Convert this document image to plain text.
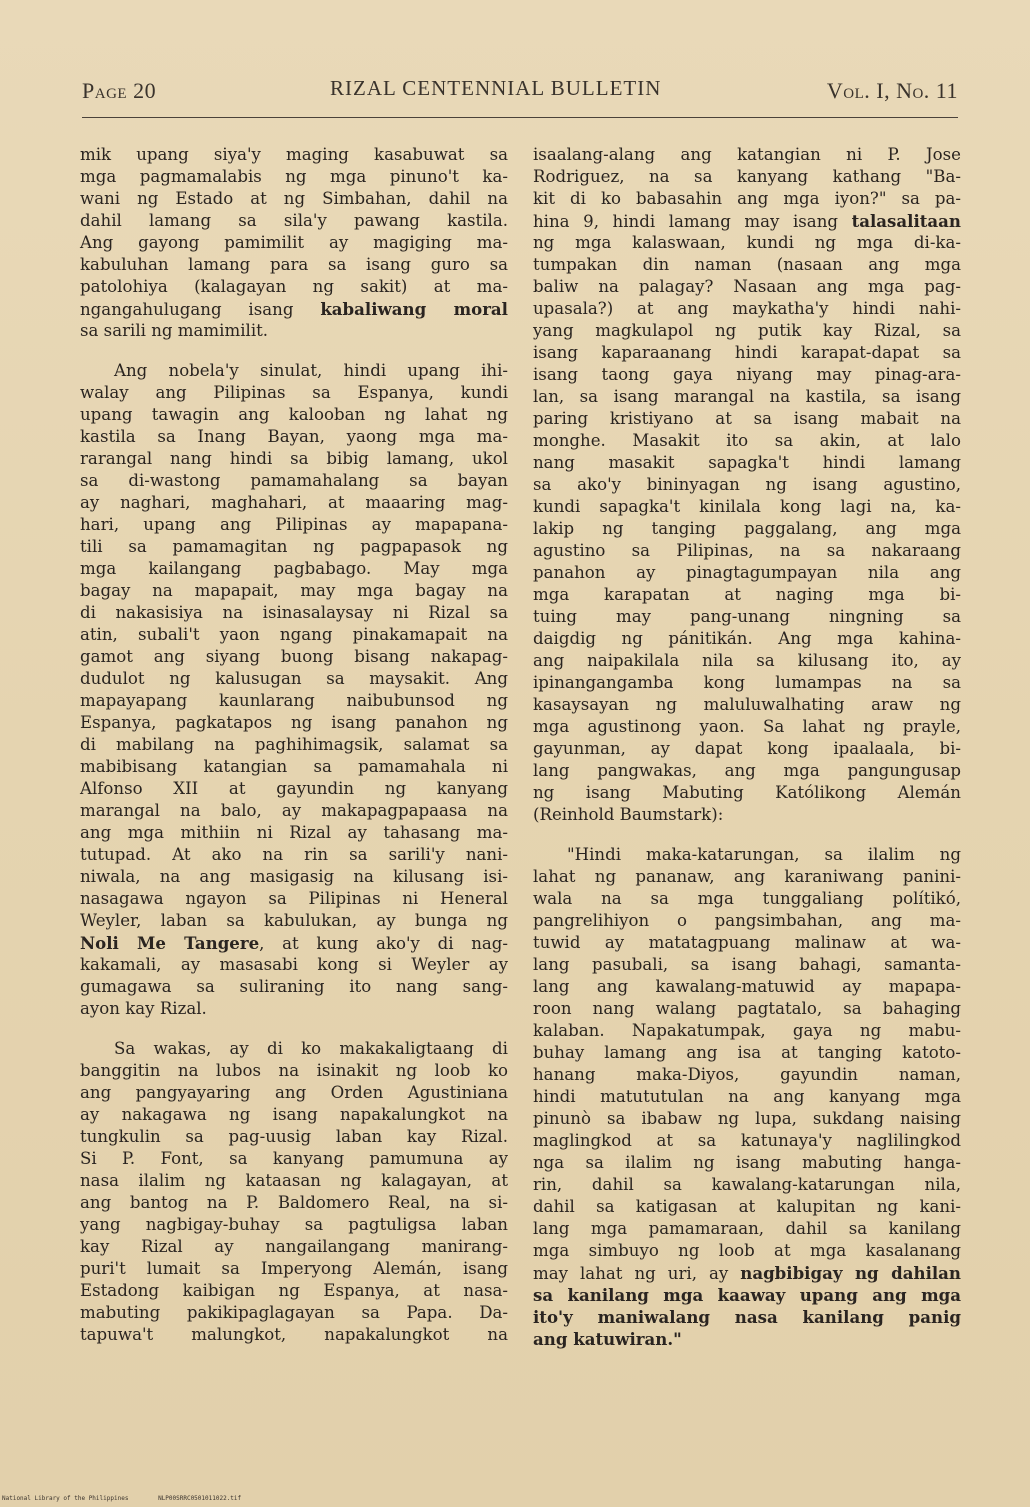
Page 20	RIZAL CENTENNIAL BULLETIN	Vol. I, No. 11
mik upang siya'y maging kasabuwat sa
mga pagmamalabis ng mga pinuno't ka-
wani ng Estado at ng Simbahan, dahil na
dahil lamang sa sila'y pawang kastila.
Ang gayong pamimilit ay magiging ma-
kabuluhan lamang para sa isang guro sa
patolohiya (kalagayan ng sakit) at ma-
ngangahulugang isang kabaliwang moral
sa sarili ng mamimilit.
Ang nobela'y sinulat, hindi upang ihi-
walay ang Pilipinas sa Espanya, kundi
upang tawagin ang kalooban ng lahat ng
kastila sa Inang Bayan, yaong mga ma-
rarangal nang hindi sa bibig lamang, ukol
sa di-wastong pamamahalang sa bayan
ay naghari, maghahari, at maaaring mag-
hari, upang ang Pilipinas ay mapapana-
tili sa pamamagitan ng pagpapasok ng
mga kailangang pagbabago. May mga
bagay na mapapait, may mga bagay na
di nakasisiya na isinasalaysay ni Rizal sa
atin, subali't yaon ngang pinakamapait na
gamot ang siyang buong bisang nakapag-
dudulot ng kalusugan sa maysakit. Ang
mapayapang kaunlarang naibubunsod ng
Espanya, pagkatapos ng isang panahon ng
di mabilang na paghihimagsik, salamat sa
mabibisang katangian sa pamamahala ni
Alfonso XII at gayundin ng kanyang
marangal na balo, ay makapagpapaasa na
ang mga mithiin ni Rizal ay tahasang ma-
tutupad. At ako na rin sa sarili'y nani-
niwala, na ang masigasig na kilusang isi-
nasagawa ngayon sa Pilipinas ni Heneral
Weyler, laban sa kabulukan, ay bunga ng
Noli Me Tangere, at kung ako'y di nag-
kakamali, ay masasabi kong si Weyler ay
gumagawa sa suliraning ito nang sang-
ayon kay Rizal.
Sa wakas, ay di ko makakaligtaang di
banggitin na lubos na isinakit ng loob ko
ang pangyayaring ang Orden Agustiniana
ay nakagawa ng isang napakalungkot na
tungkulin sa pag-uusig laban kay Rizal.
Si P. Font, sa kanyang pamumuna ay
nasa ilalim ng kataasan ng kalagayan, at
ang bantog na P. Baldomero Real, na si-
yang nagbigay-buhay sa pagtuligsa laban
kay Rizal ay nangailangang manirang-
puri't lumait sa Imperyong Alemán, isang
Estadong kaibigan ng Espanya, at nasa-
mabuting pakikipaglagayan sa Papa. Da-
tapuwa't malungkot, napakalungkot na
isaalang-alang ang katangian ni P. Jose
Rodriguez, na sa kanyang kathang "Ba-
kit di ko babasahin ang mga iyon?" sa pa-
hina 9, hindi lamang may isang talasalitaan
ng mga kalaswaan, kundi ng mga di-ka-
tumpakan din naman (nasaan ang mga
baliw na palagay? Nasaan ang mga pag-
upasala?) at ang maykatha'y hindi nahi-
yang magkulapol ng putik kay Rizal, sa
isang kaparaanang hindi karapat-dapat sa
isang taong gaya niyang may pinag-ara-
lan, sa isang marangal na kastila, sa isang
paring kristiyano at sa isang mabait na
monghe. Masakit ito sa akin, at lalo
nang masakit sapagka't hindi lamang
sa ako'y bininyagan ng isang agustino,
kundi sapagka't kinilala kong lagi na, ka-
lakip ng tanging paggalang, ang mga
agustino sa Pilipinas, na sa nakaraang
panahon ay pinagtagumpayan nila ang
mga karapatan at naging mga bi-
tuing may pang-unang ningning sa
daigdig ng pánitikán. Ang mga kahina-
ang naipakilala nila sa kilusang ito, ay
ipinangangamba kong lumampas na sa
kasaysayan ng maluluwalhating araw ng
mga agustinong yaon. Sa lahat ng prayle,
gayunman, ay dapat kong ipaalaala, bi-
lang pangwakas, ang mga pangungusap
ng isang Mabuting Katólikong Alemán
(Reinhold Baumstark):
"Hindi maka-katarungan, sa ilalim ng
lahat ng pananaw, ang karaniwang panini-
wala na sa mga tunggaliang polítikó,
pangrelihiyon o pangsimbahan, ang ma-
tuwid ay matatagpuang malinaw at wa-
lang pasubali, sa isang bahagi, samanta-
lang ang kawalang-matuwid ay mapapa-
roon nang walang pagtatalo, sa bahaging
kalaban. Napakatumpak, gaya ng mabu-
buhay lamang ang isa at tanging katoto-
hanang maka-Diyos, gayundin naman,
hindi matututulan na ang kanyang mga
pinunò sa ibabaw ng lupa, sukdang naising
maglingkod at sa katunaya'y naglilingkod
nga sa ilalim ng isang mabuting hanga-
rin, dahil sa kawalang-katarungan nila,
dahil sa katigasan at kalupitan ng kani-
lang mga pamamaraan, dahil sa kanilang
mga simbuyo ng loob at mga kasalanang
may lahat ng uri, ay nagbibigay ng dahilan
sa kanilang mga kaaway upang ang mga
ito'y maniwalang nasa kanilang panig
ang katuwiran."
National Library of the Philippines	NLP00SRRC0501011022.tif
